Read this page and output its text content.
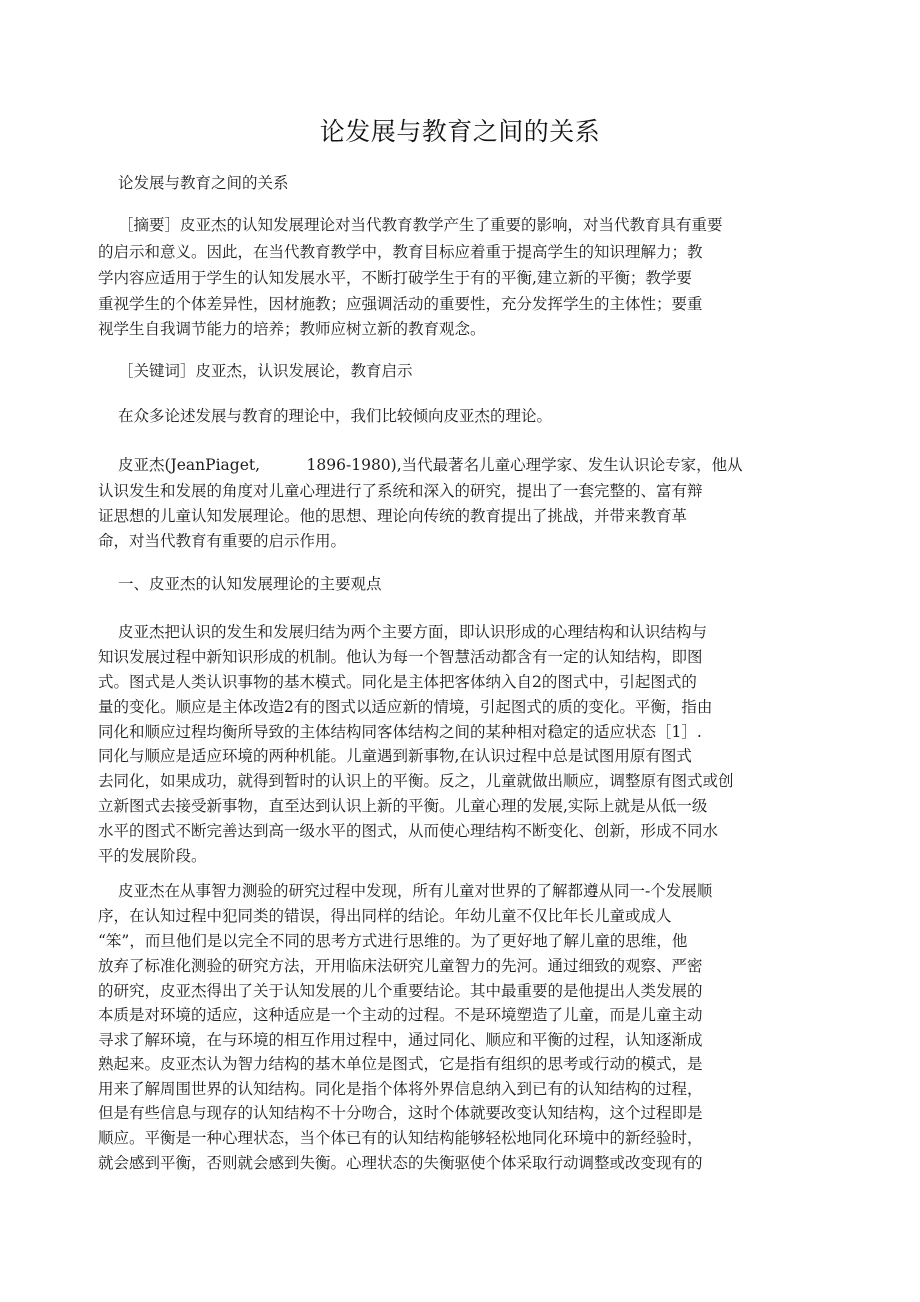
论发展与教育之间的关系
论发展与教育之间的关系
［摘要］皮亚杰的认知发展理论对当代教育教学产生了重要的影响，对当代教育具有重要
的启示和意义。因此，在当代教育教学中，教育目标应着重于提高学生的知识理解力；教
学内容应适用于学生的认知发展水平，不断打破学生于有的平衡,建立新的平衡；教学要
重视学生的个体差异性，因材施教；应强调活动的重要性，充分发挥学生的主体性；要重
视学生自我调节能力的培养；教师应树立新的教育观念。
［关键词］皮亚杰，认识发展论，教育启示
在众多论述发展与教育的理论中，我们比较倾向皮亚杰的理论。
皮亚杰(JeanPiaget,　　　1896-1980),当代最著名儿童心理学家、发生认识论专家，他从
认识发生和发展的角度对儿童心理进行了系统和深入的研究，提出了一套完整的、富有辩
证思想的儿童认知发展理论。他的思想、理论向传统的教育提出了挑战，并带来教育革
命，对当代教育有重要的启示作用。
一、皮亚杰的认知发展理论的主要观点
皮亚杰把认识的发生和发展归结为两个主要方面，即认识形成的心理结构和认识结构与
知识发展过程中新知识形成的机制。他认为每一个智慧活动都含有一定的认知结构，即图
式。图式是人类认识事物的基木模式。同化是主体把客体纳入自2的图式中，引起图式的
量的变化。顺应是主体改造2有的图式以适应新的情境，引起图式的质的变化。平衡，指由
同化和顺应过程均衡所导致的主体结构同客体结构之间的某种相对稳定的适应状态［1］.
同化与顺应是适应环境的两种机能。儿童遇到新事物,在认识过程中总是试图用原有图式
去同化，如果成功，就得到暂时的认识上的平衡。反之，儿童就做出顺应，调整原有图式或创
立新图式去接受新事物，直至达到认识上新的平衡。儿童心理的发展,实际上就是从低一级
水平的图式不断完善达到高一级水平的图式，从而使心理结构不断变化、创新，形成不同水
平的发展阶段。
皮亚杰在从事智力测验的研究过程中发现，所有儿童对世界的了解都遵从同一-个发展顺
序，在认知过程中犯同类的错误，得出同样的结论。年幼儿童不仅比年长儿童或成人
“笨”，而旦他们是以完全不同的思考方式进行思维的。为了更好地了解儿童的思维，他
放弃了标准化测验的研究方法，开用临床法研究儿童智力的先河。通过细致的观察、严密
的研究，皮亚杰得出了关于认知发展的儿个重要结论。其中最重要的是他提出人类发展的
本质是对环境的适应，这种适应是一个主动的过程。不是环境塑造了儿童，而是儿童主动
寻求了解环境，在与环境的相互作用过程中，通过同化、顺应和平衡的过程，认知逐渐成
熟起来。皮亚杰认为智力结构的基木单位是图式，它是指有组织的思考或行动的模式，是
用来了解周围世界的认知结构。同化是指个体将外界信息纳入到已有的认知结构的过程，
但是有些信息与现存的认知结构不十分吻合，这时个体就要改变认知结构，这个过程即是
顺应。平衡是一种心理状态，当个体已有的认知结构能够轻松地同化环境中的新经验时，
就会感到平衡，否则就会感到失衡。心理状态的失衡驱使个体采取行动调整或改变现有的
